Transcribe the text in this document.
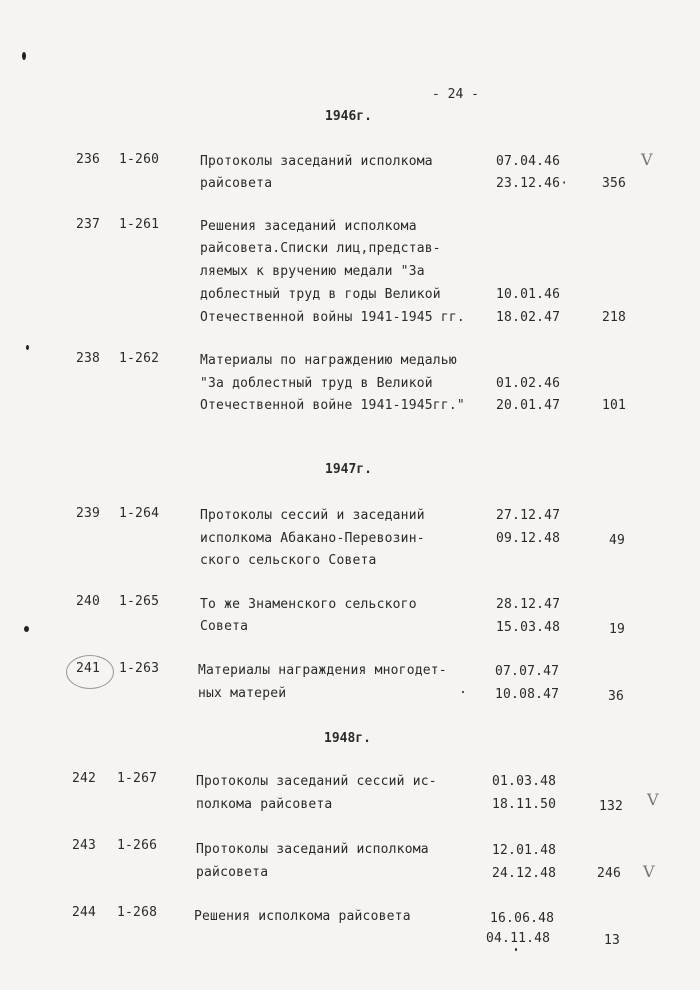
- 24 -
1946г.
236 1-260	Протоколы заседаний исполкома
райсовета
07.04.46
23.12.46·	356
V
237 1-261	Решения заседаний исполкома
райсовета.Списки лиц,представ-
ляемых к вручению медали "За
доблестный труд в годы Великой
Отечественной войны 1941-1945 гг.
10.01.46
18.02.47	218
238 1-262	Материалы по награждению медалью
"За доблестный труд в Великой
Отечественной войне 1941-1945гг."
01.02.46
20.01.47	101
1947г.
239 1-264	Протоколы сессий и заседаний
исполкома Абакано-Перевозин-
ского сельского Совета
27.12.47
09.12.48	49
240 1-265	То же Знаменского сельского
Совета
28.12.47
15.03.48	19
241 1-263	Материалы награждения многодет-
ных матерей
07.07.47
10.08.47	36
1948г.
242 1-267	Протоколы заседаний сессий ис-
полкома райсовета
01.03.48
18.11.50	132 V
243 1-266	Протоколы заседаний исполкома
райсовета
12.01.48
24.12.48	246 V
244 1-268	Решения исполкома райсовета	16.06.48
04.11.48	13
